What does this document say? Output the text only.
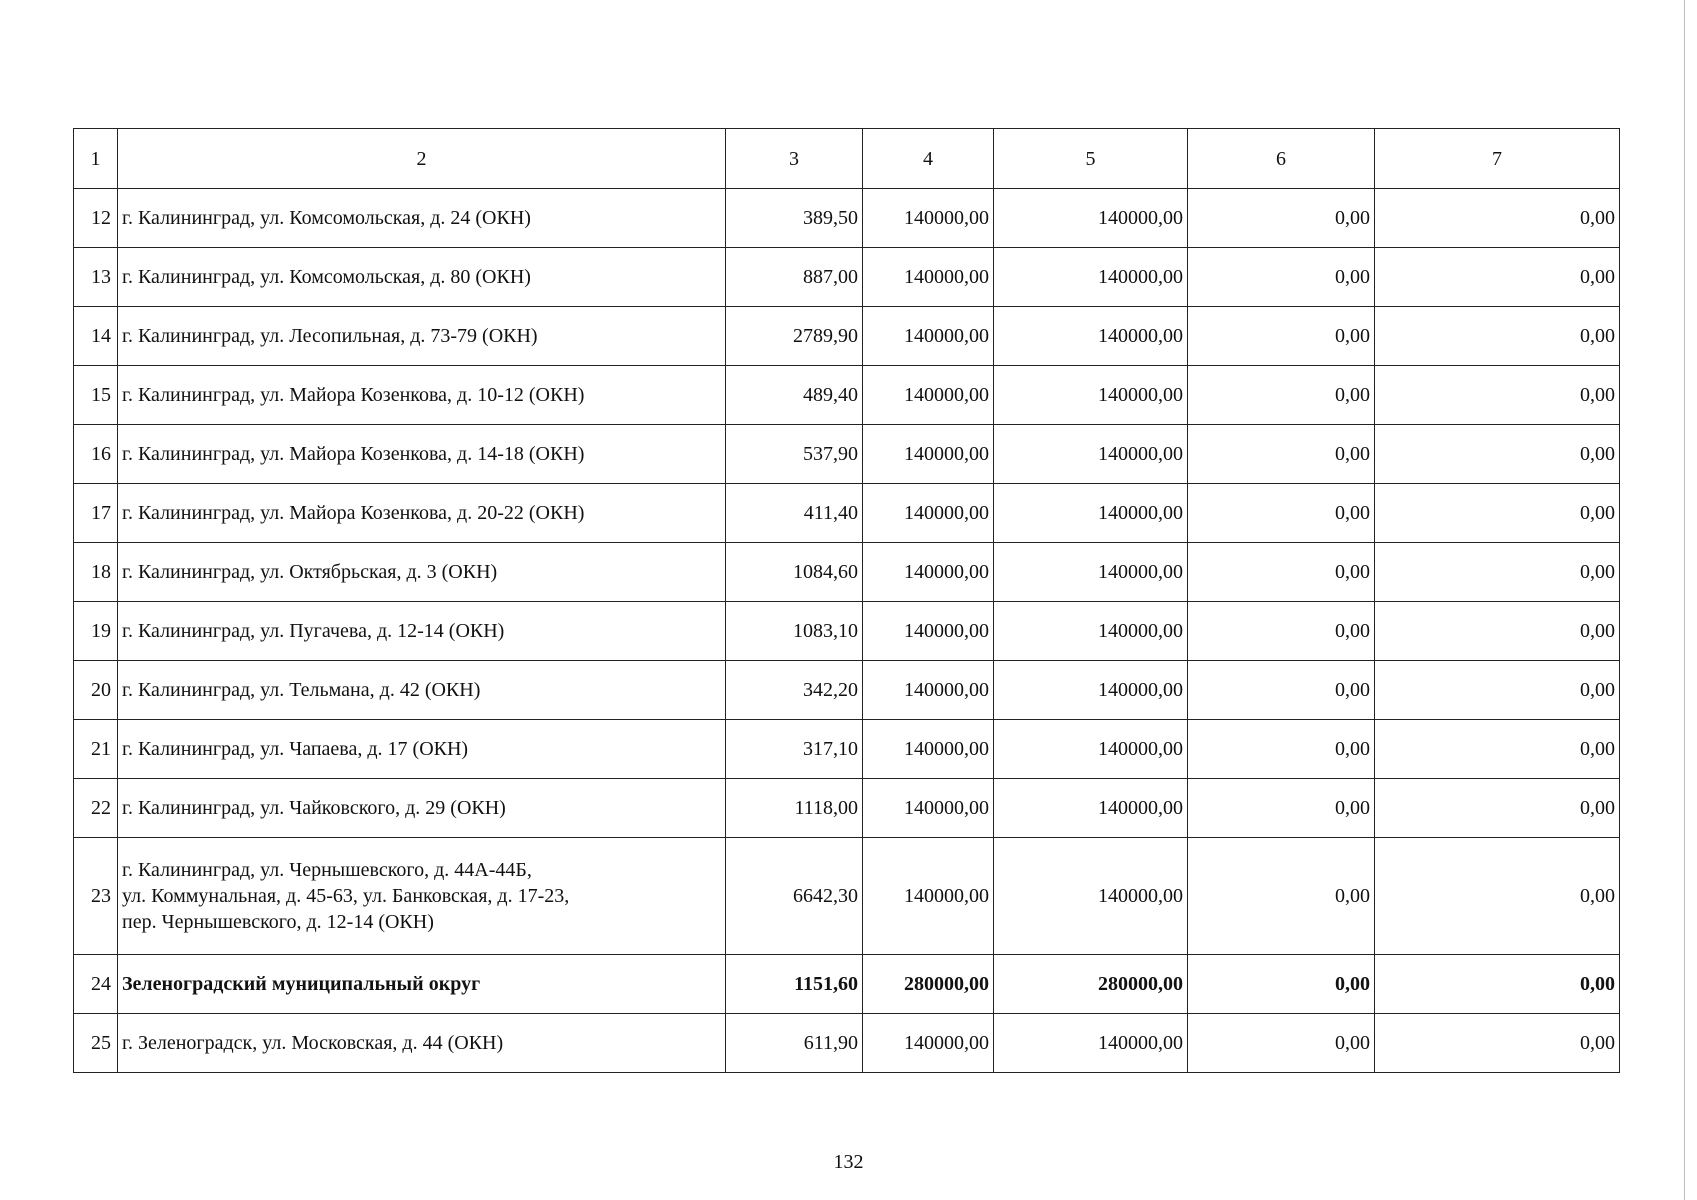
1	2	3	4	5	6	7
12	г. Калининград, ул. Комсомольская, д. 24 (ОКН)	389,50	140000,00	140000,00	0,00	0,00
13	г. Калининград, ул. Комсомольская, д. 80 (ОКН)	887,00	140000,00	140000,00	0,00	0,00
14	г. Калининград, ул. Лесопильная, д. 73-79 (ОКН)	2789,90	140000,00	140000,00	0,00	0,00
15	г. Калининград, ул. Майора Козенкова, д. 10-12 (ОКН)	489,40	140000,00	140000,00	0,00	0,00
16	г. Калининград, ул. Майора Козенкова, д. 14-18 (ОКН)	537,90	140000,00	140000,00	0,00	0,00
17	г. Калининград, ул. Майора Козенкова, д. 20-22 (ОКН)	411,40	140000,00	140000,00	0,00	0,00
18	г. Калининград, ул. Октябрьская, д. 3 (ОКН)	1084,60	140000,00	140000,00	0,00	0,00
19	г. Калининград, ул. Пугачева, д. 12-14 (ОКН)	1083,10	140000,00	140000,00	0,00	0,00
20	г. Калининград, ул. Тельмана, д. 42 (ОКН)	342,20	140000,00	140000,00	0,00	0,00
21	г. Калининград, ул. Чапаева, д. 17 (ОКН)	317,10	140000,00	140000,00	0,00	0,00
22	г. Калининград, ул. Чайковского, д. 29 (ОКН)	1118,00	140000,00	140000,00	0,00	0,00
23	г. Калининград, ул. Чернышевского, д. 44А-44Б,
ул. Коммунальная, д. 45-63, ул. Банковская, д. 17-23,
пер. Чернышевского, д. 12-14 (ОКН)	6642,30	140000,00	140000,00	0,00	0,00
24	Зеленоградский муниципальный округ	1151,60	280000,00	280000,00	0,00	0,00
25	г. Зеленоградск, ул. Московская, д. 44 (ОКН)	611,90	140000,00	140000,00	0,00	0,00
132
